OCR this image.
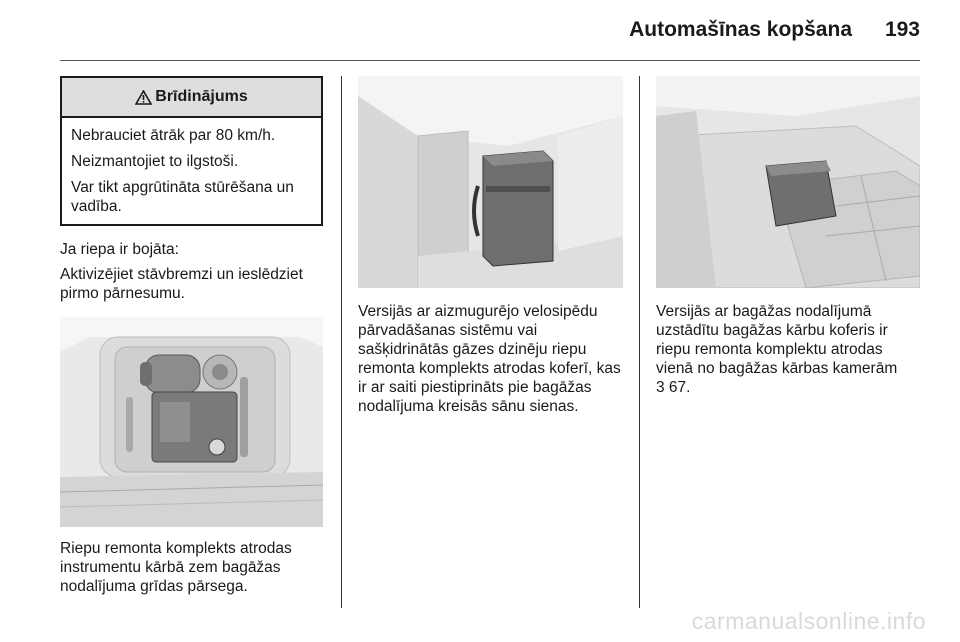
Automašīnas kopšana 193
Brīdinājums

Nebrauciet ātrāk par 80 km/h.

Neizmantojiet to ilgstoši.

Var tikt apgrūtināta stūrēšana un vadība.

Ja riepa ir bojāta:

Aktivizējiet stāvbremzi un ieslēdziet pirmo pārnesumu.

Riepu remonta komplekts atrodas instrumentu kārbā zem bagāžas nodalījuma grīdas pārsega.

Versijās ar aizmugurējo velosipēdu pārvadāšanas sistēmu vai sašķidrinātās gāzes dzinēju riepu remonta komplekts atrodas koferī, kas ir ar saiti piestiprināts pie bagāžas nodalījuma kreisās sānu sienas.

Versijās ar bagāžas nodalījumā uzstādītu bagāžas kārbu koferis ir riepu remonta komplektu atrodas vienā no bagāžas kārbas kamerām
3 67.

carmanualsonline.info
